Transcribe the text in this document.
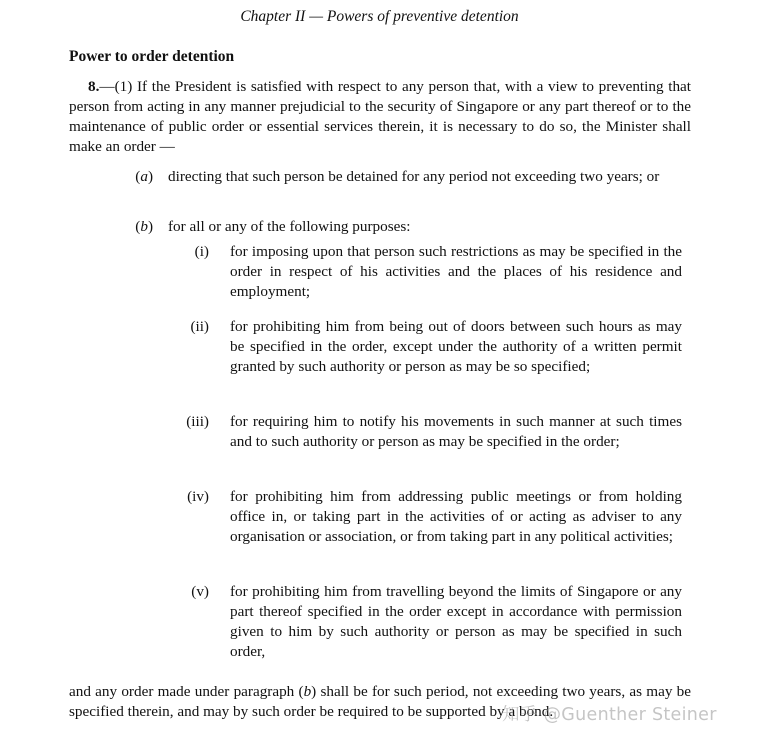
Chapter II — Powers of preventive detention
Power to order detention
8.—(1) If the President is satisfied with respect to any person that, with a view to preventing that person from acting in any manner prejudicial to the security of Singapore or any part thereof or to the maintenance of public order or essential services therein, it is necessary to do so, the Minister shall make an order —
(a) directing that such person be detained for any period not exceeding two years; or
(b) for all or any of the following purposes:
(i) for imposing upon that person such restrictions as may be specified in the order in respect of his activities and the places of his residence and employment;
(ii) for prohibiting him from being out of doors between such hours as may be specified in the order, except under the authority of a written permit granted by such authority or person as may be so specified;
(iii) for requiring him to notify his movements in such manner at such times and to such authority or person as may be specified in the order;
(iv) for prohibiting him from addressing public meetings or from holding office in, or taking part in the activities of or acting as adviser to any organisation or association, or from taking part in any political activities;
(v) for prohibiting him from travelling beyond the limits of Singapore or any part thereof specified in the order except in accordance with permission given to him by such authority or person as may be specified in such order,
and any order made under paragraph (b) shall be for such period, not exceeding two years, as may be specified therein, and may by such order be required to be supported by a bond.
知乎 @Guenther Steiner
